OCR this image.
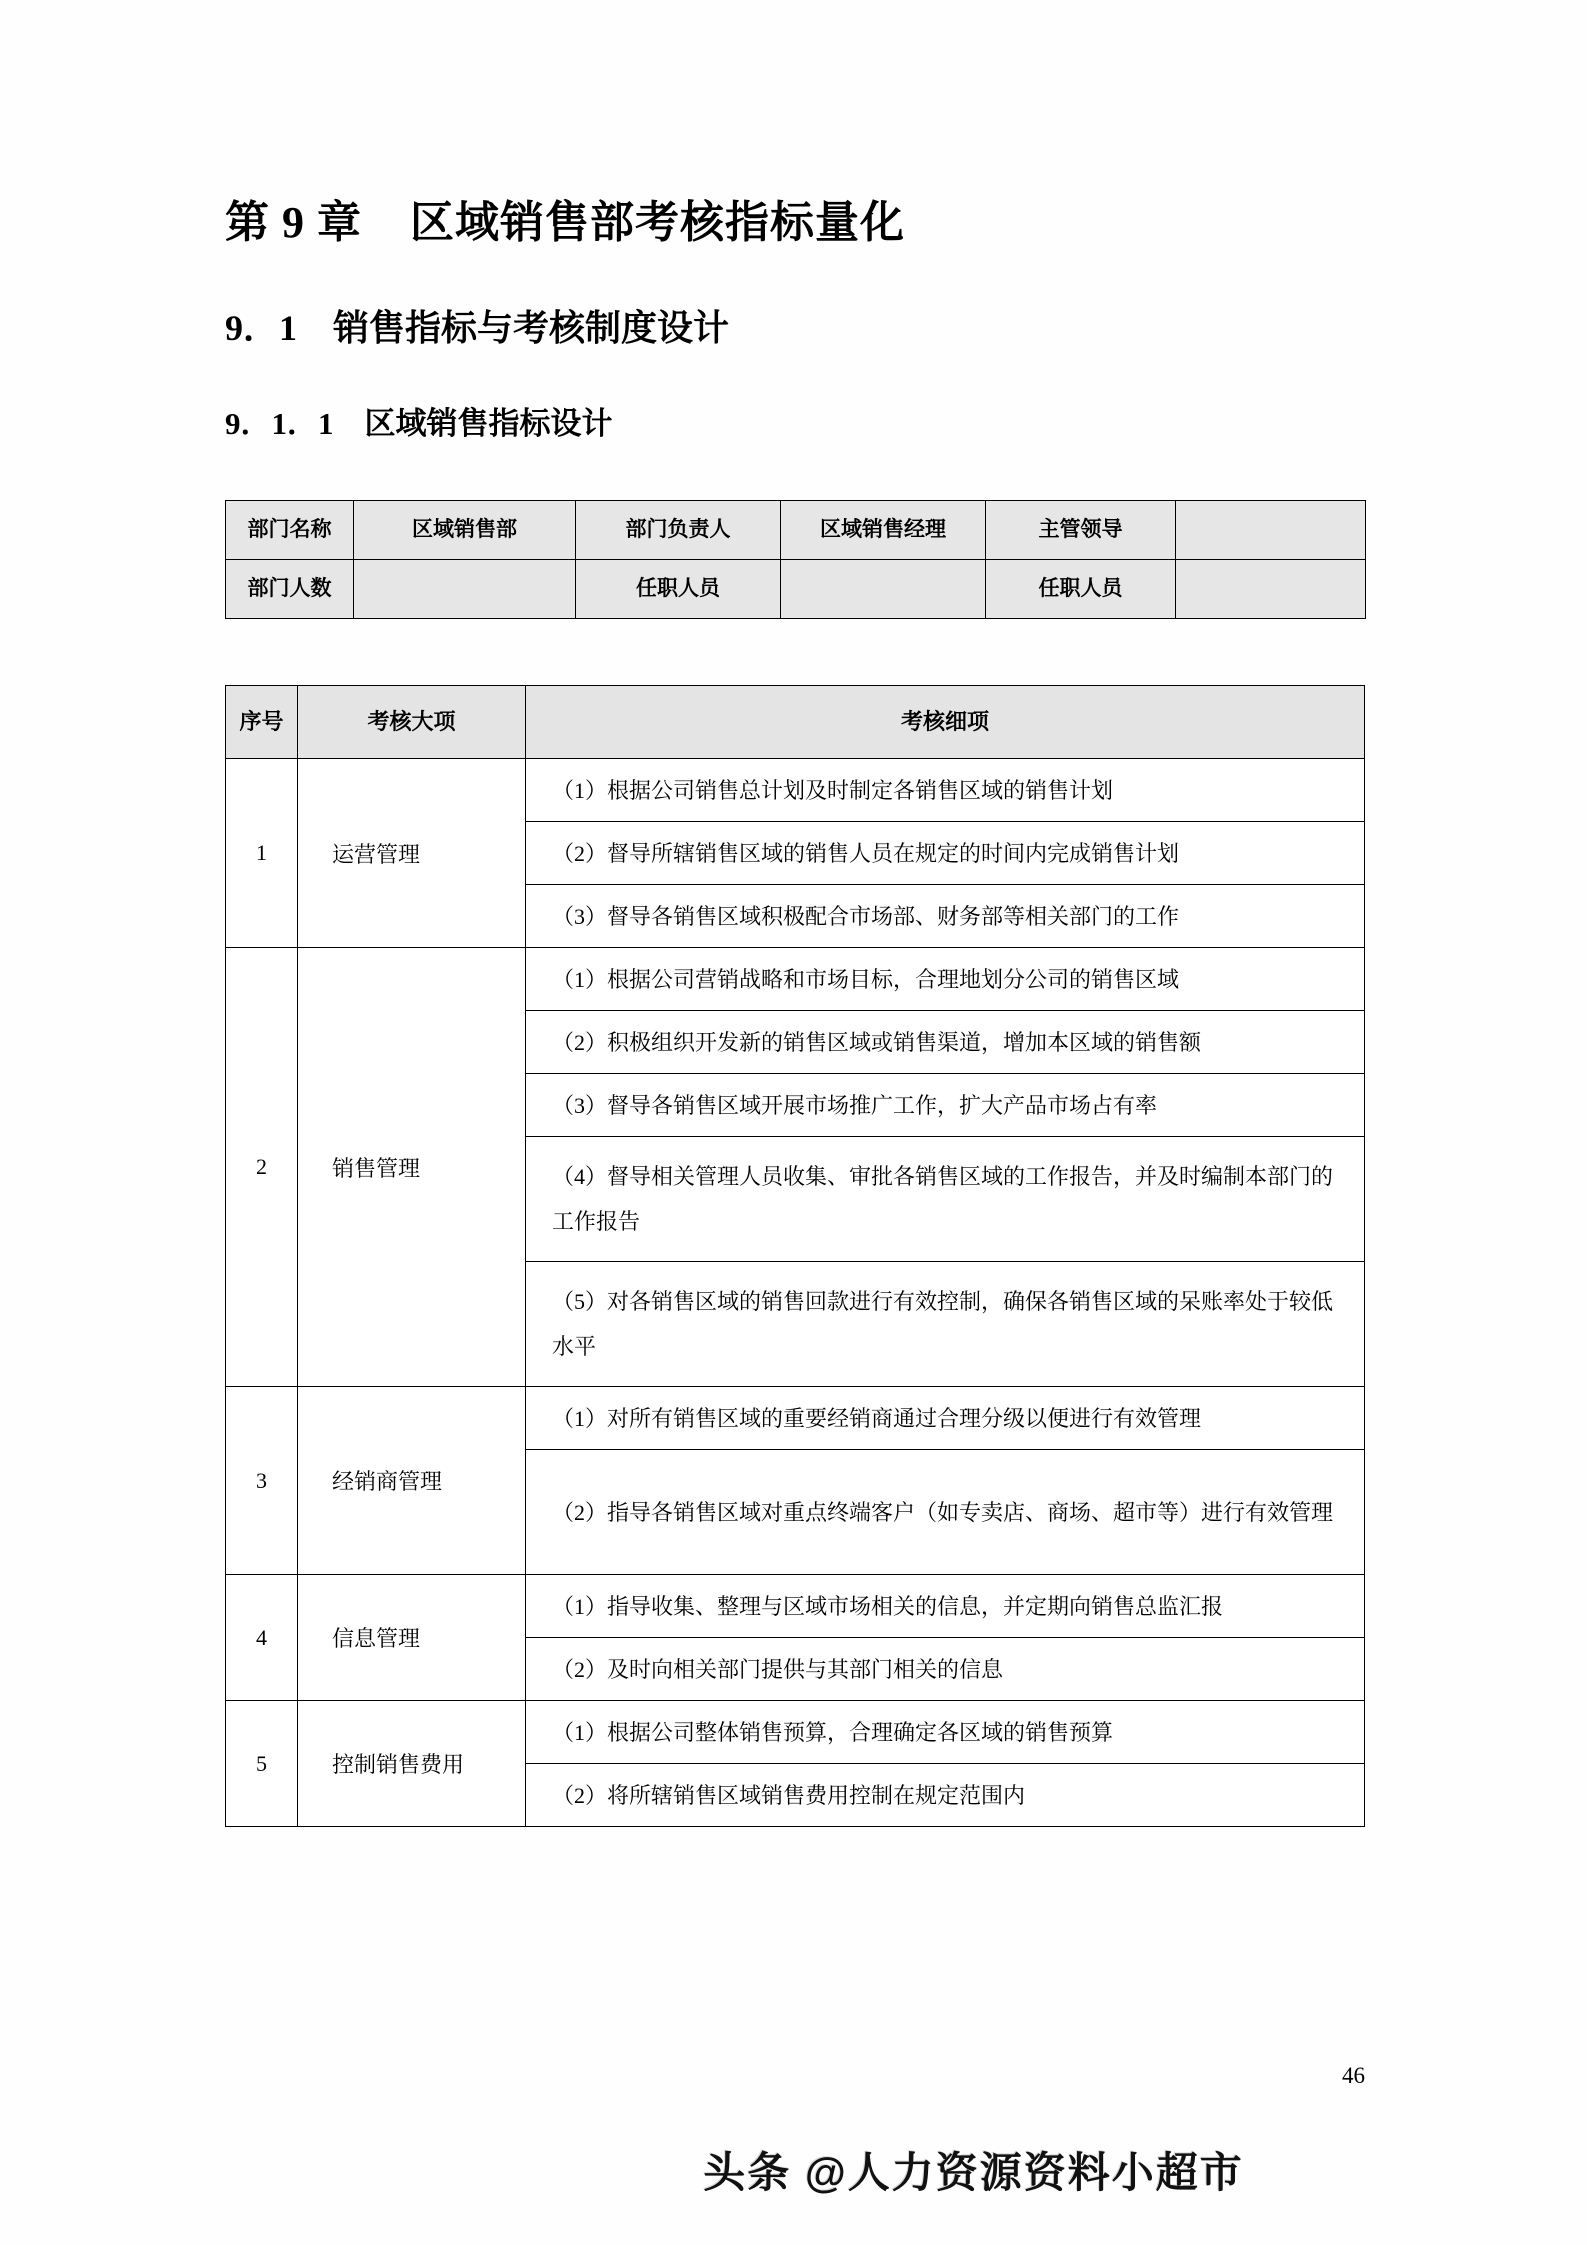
第 9 章    区域销售部考核指标量化
9．1    销售指标与考核制度设计
9．1．1    区域销售指标设计
部门名称	区域销售部	部门负责人	区域销售经理	主管领导	
部门人数		任职人员		任职人员	
序号	考核大项	考核细项
1	运营管理	（1）根据公司销售总计划及时制定各销售区域的销售计划
		（2）督导所辖销售区域的销售人员在规定的时间内完成销售计划
		（3）督导各销售区域积极配合市场部、财务部等相关部门的工作
2	销售管理	（1）根据公司营销战略和市场目标，合理地划分公司的销售区域
		（2）积极组织开发新的销售区域或销售渠道，增加本区域的销售额
		（3）督导各销售区域开展市场推广工作，扩大产品市场占有率
		（4）督导相关管理人员收集、审批各销售区域的工作报告，并及时编制本部门的工作报告
		（5）对各销售区域的销售回款进行有效控制，确保各销售区域的呆账率处于较低水平
3	经销商管理	（1）对所有销售区域的重要经销商通过合理分级以便进行有效管理
		（2）指导各销售区域对重点终端客户（如专卖店、商场、超市等）进行有效管理
4	信息管理	（1）指导收集、整理与区域市场相关的信息，并定期向销售总监汇报
		（2）及时向相关部门提供与其部门相关的信息
5	控制销售费用	（1）根据公司整体销售预算，合理确定各区域的销售预算
		（2）将所辖销售区域销售费用控制在规定范围内
46
头条 @人力资源资料小超市
